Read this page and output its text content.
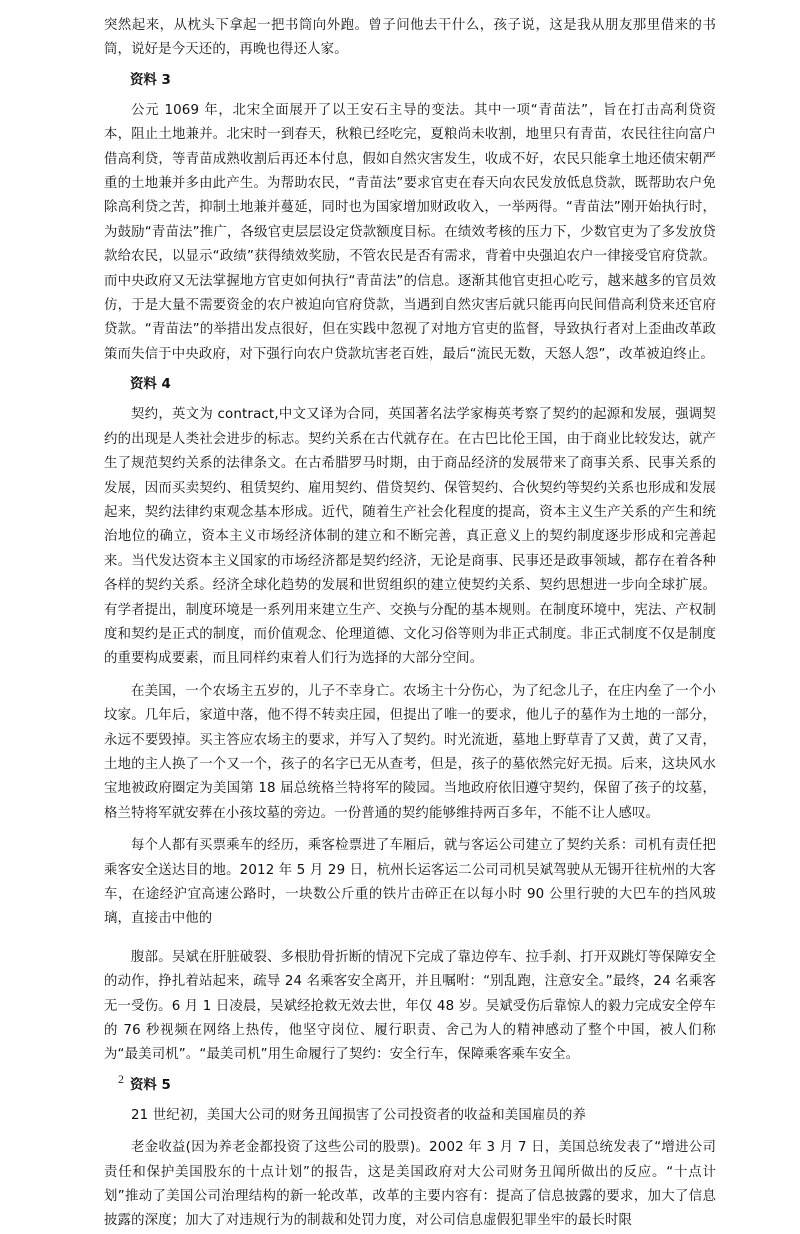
突然起来，从枕头下拿起一把书筒向外跑。曾子问他去干什么，孩子说，这是我从朋友那里借来的书筒，说好是今天还的，再晚也得还人家。

资料 3

公元 1069 年，北宋全面展开了以王安石主导的变法。其中一项“青苗法”，旨在打击高利贷资本，阻止土地兼并。北宋时一到春天，秋粮已经吃完，夏粮尚未收割，地里只有青苗，农民往往向富户借高利贷，等青苗成熟收割后再还本付息，假如自然灾害发生，收成不好，农民只能拿土地还债宋朝严重的土地兼并多由此产生。为帮助农民，“青苗法”要求官吏在春天向农民发放低息贷款，既帮助农户免除高利贷之苦，抑制土地兼并蔓延，同时也为国家增加财政收入，一举两得。“青苗法”刚开始执行时，为鼓励“青苗法”推广，各级官吏层层设定贷款额度目标。在绩效考核的压力下，少数官吏为了多发放贷款给农民，以显示“政绩”获得绩效奖励，不管农民是否有需求，背着中央强迫农户一律接受官府贷款。而中央政府又无法掌握地方官吏如何执行“青苗法”的信息。逐渐其他官吏担心吃亏，越来越多的官员效仿，于是大量不需要资金的农户被迫向官府贷款，当遇到自然灾害后就只能再向民间借高利贷来还官府贷款。“青苗法”的举措出发点很好，但在实践中忽视了对地方官吏的监督，导致执行者对上歪曲改革政策而失信于中央政府，对下强行向农户贷款坑害老百姓，最后“流民无数，天怒人怨”，改革被迫终止。

资料 4

契约，英文为 contract,中文又译为合同，英国著名法学家梅英考察了契约的起源和发展，强调契约的出现是人类社会进步的标志。契约关系在古代就存在。在古巴比伦王国，由于商业比较发达，就产生了规范契约关系的法律条文。在古希腊罗马时期，由于商品经济的发展带来了商事关系、民事关系的发展，因而买卖契约、租赁契约、雇用契约、借贷契约、保管契约、合伙契约等契约关系也形成和发展起来，契约法律约束观念基本形成。近代，随着生产社会化程度的提高，资本主义生产关系的产生和统治地位的确立，资本主义市场经济体制的建立和不断完善，真正意义上的契约制度逐步形成和完善起来。当代发达资本主义国家的市场经济都是契约经济，无论是商事、民事还是政事领域，都存在着各种各样的契约关系。经济全球化趋势的发展和世贸组织的建立使契约关系、契约思想进一步向全球扩展。有学者提出，制度环境是一系列用来建立生产、交换与分配的基本规则。在制度环境中，宪法、产权制度和契约是正式的制度，而价值观念、伦理道德、文化习俗等则为非正式制度。非正式制度不仅是制度的重要构成要素，而且同样约束着人们行为选择的大部分空间。

在美国，一个农场主五岁的，儿子不幸身亡。农场主十分伤心，为了纪念儿子，在庄内垒了一个小坟家。几年后，家道中落，他不得不转卖庄园，但提出了唯一的要求，他儿子的墓作为土地的一部分，永远不要毁掉。买主答应农场主的要求，并写入了契约。时光流逝，墓地上野草青了又黄，黄了又青，土地的主人换了一个又一个，孩子的名字已无从查考，但是，孩子的墓依然完好无损。后来，这块风水宝地被政府圈定为美国第 18 届总统格兰特将军的陵园。当地政府依旧遵守契约，保留了孩子的坟墓，格兰特将军就安葬在小孩坟墓的旁边。一份普通的契约能够维持两百多年，不能不让人感叹。

每个人都有买票乘车的经历，乘客检票进了车厢后，就与客运公司建立了契约关系：司机有责任把乘客安全送达目的地。2012 年 5 月 29 日，杭州长运客运二公司司机吴斌驾驶从无锡开往杭州的大客车，在途经沪宜高速公路时，一块数公斤重的铁片击碎正在以每小时 90 公里行驶的大巴车的挡风玻璃，直接击中他的

腹部。吴斌在肝脏破裂、多根肋骨折断的情况下完成了靠边停车、拉手刹、打开双跳灯等保障安全的动作，挣扎着站起来，疏导 24 名乘客安全离开，并且嘱咐：“别乱跑，注意安全。”最终，24 名乘客无一受伤。6 月 1 日凌晨，吴斌经抢救无效去世，年仅 48 岁。吴斌受伤后靠惊人的毅力完成安全停车的 76 秒视频在网络上热传，他坚守岗位、履行职责、舍己为人的精神感动了整个中国，被人们称为“最美司机”。“最美司机”用生命履行了契约：安全行车，保障乘客乘车安全。

资料 5

21 世纪初，美国大公司的财务丑闻损害了公司投资者的收益和美国雇员的养

老金收益(因为养老金都投资了这些公司的股票)。2002 年 3 月 7 日，美国总统发表了“增进公司责任和保护美国股东的十点计划”的报告，这是美国政府对大公司财务丑闻所做出的反应。“十点计划”推动了美国公司治理结构的新一轮改革，改革的主要内容有：提高了信息披露的要求，加大了信息披露的深度；加大了对违规行为的制裁和处罚力度，对公司信息虚假犯罪坐牢的最长时限

2
